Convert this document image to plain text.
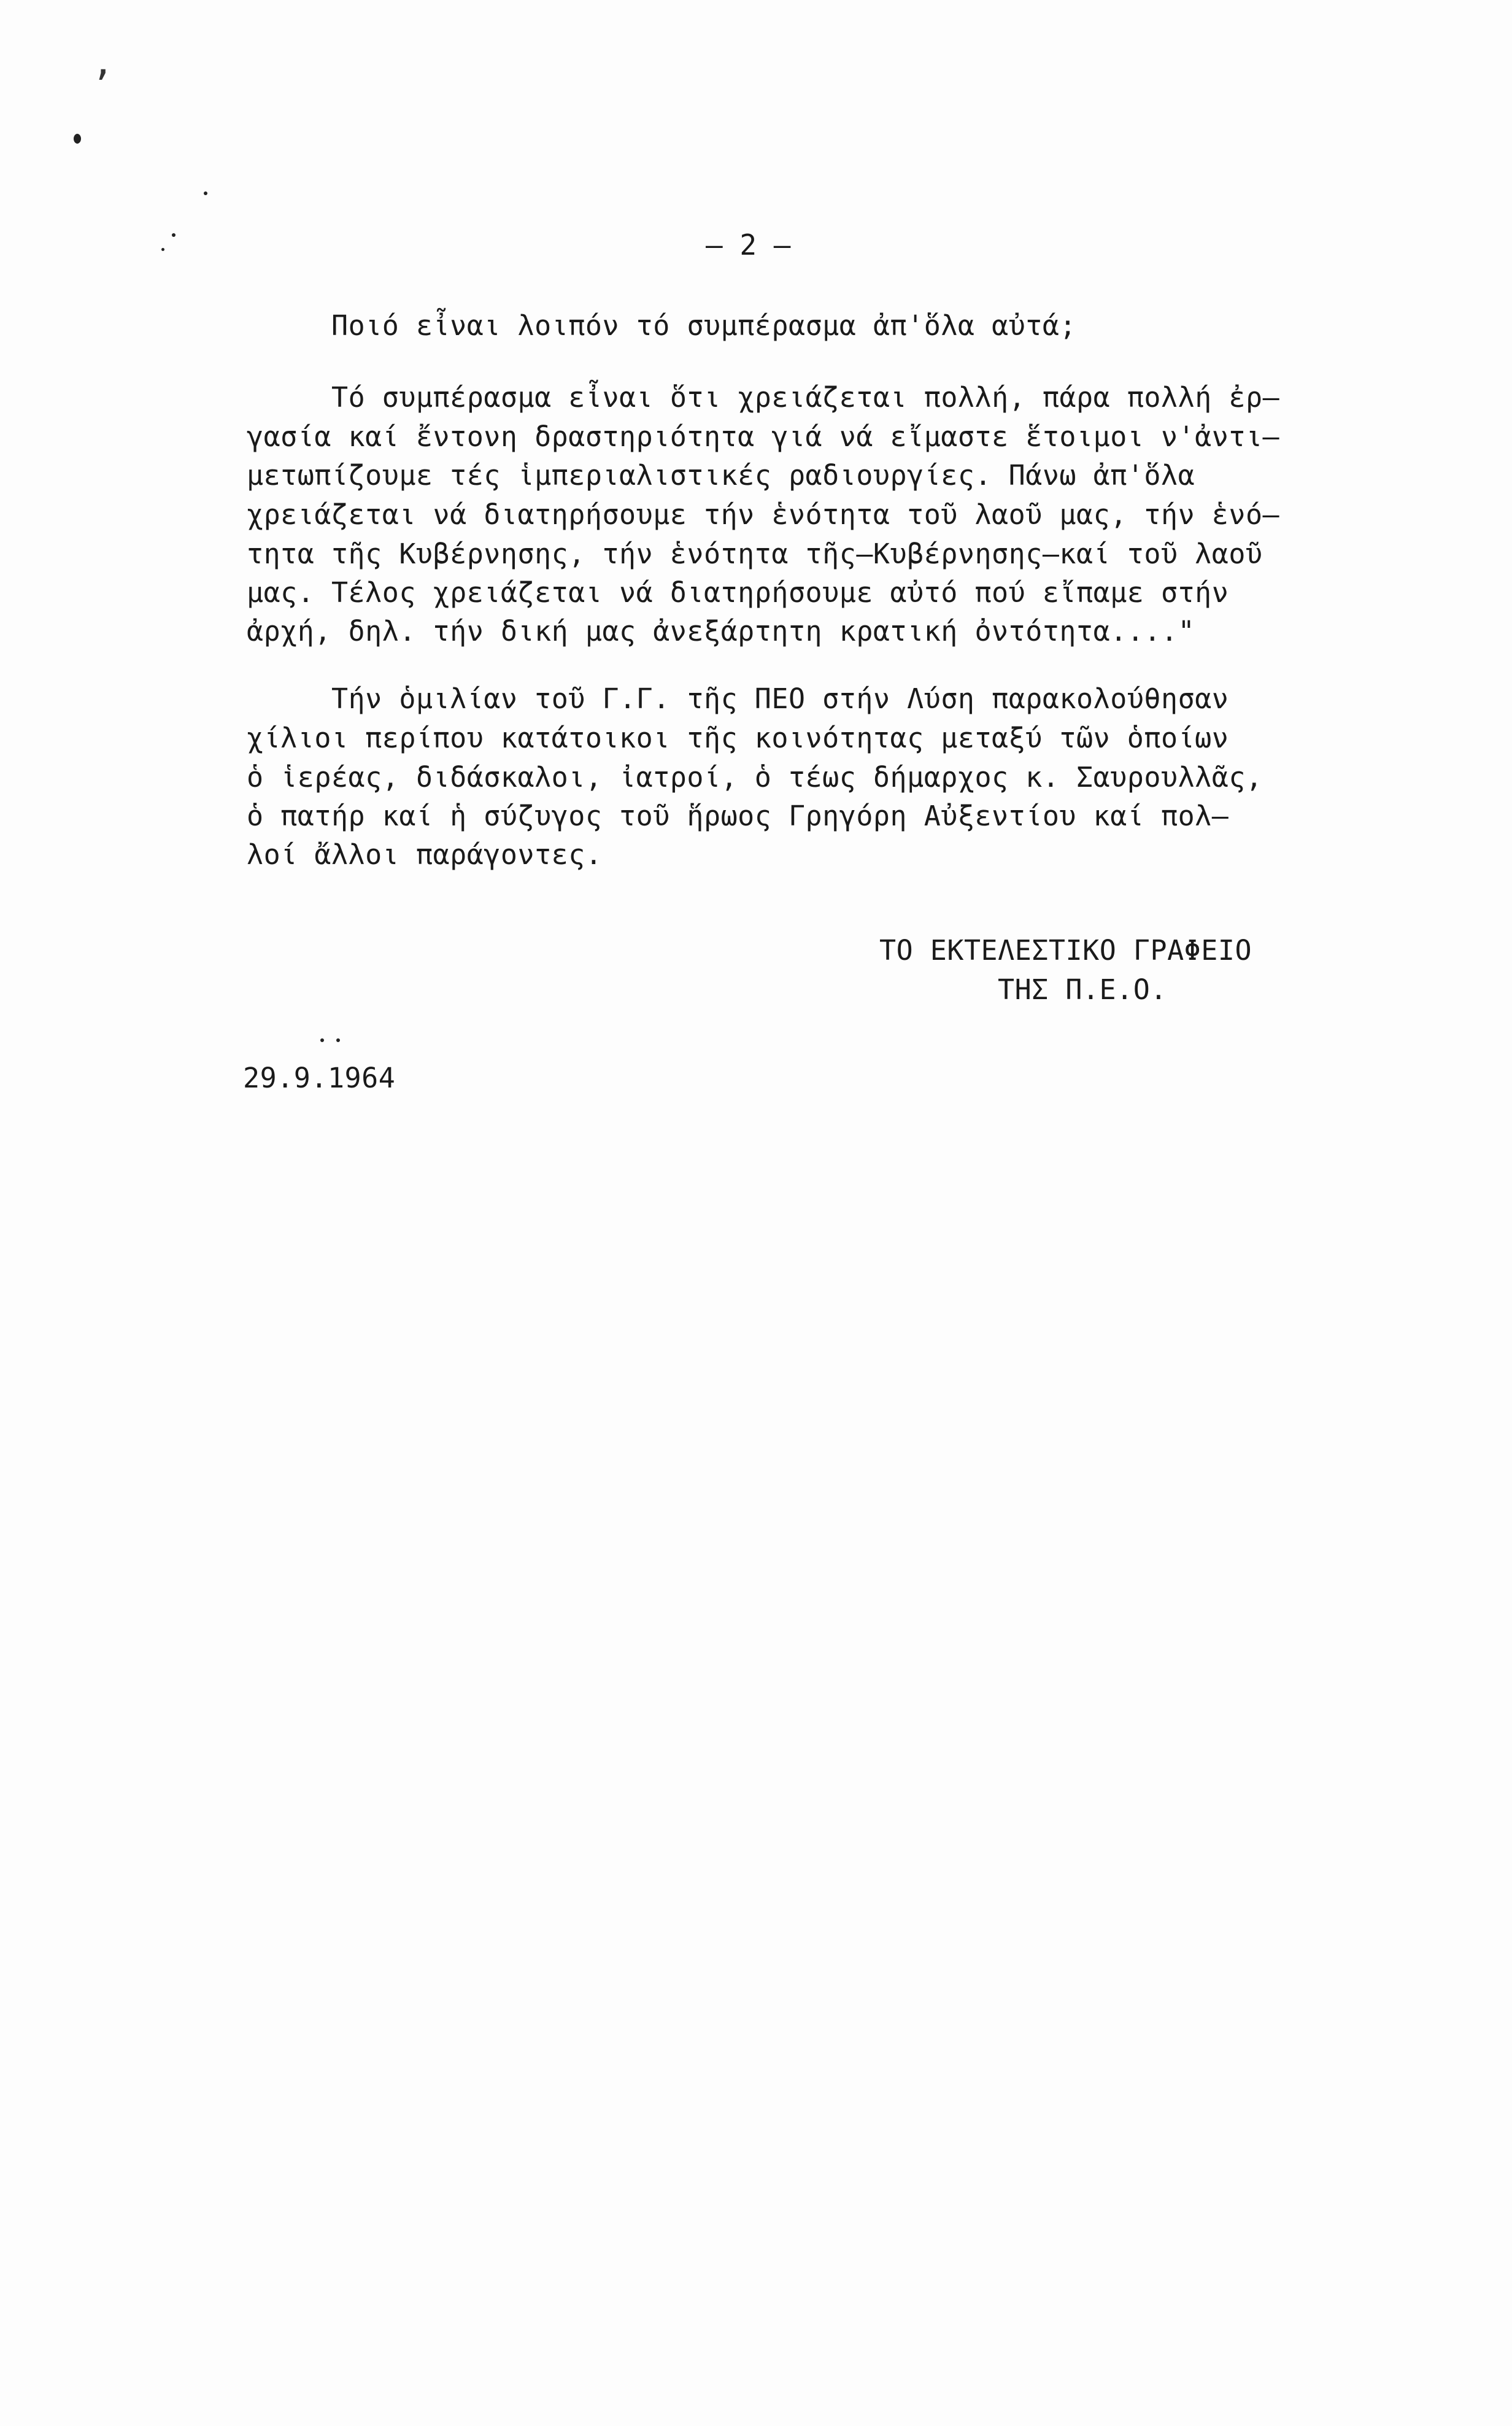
ʼ
– 2 –
Ποιό εἶναι λοιπόν τό συμπέρασμα ἀπ'ὅλα αὐτά;
Τό συμπέρασμα εἶναι ὅτι χρειάζεται πολλή, πάρα πολλή ἐρ–
γασία καί ἔντονη δραστηριότητα γιά νά εἴμαστε ἕτοιμοι ν'ἀντι–
μετωπίζουμε τές ἱμπεριαλιστικές ραδιουργίες. Πάνω ἀπ'ὅλα
χρειάζεται νά διατηρήσουμε τήν ἑνότητα τοῦ λαοῦ μας, τήν ἑνό–
τητα τῆς Κυβέρνησης, τήν ἑνότητα τῆς–Κυβέρνησης–καί τοῦ λαοῦ
μας. Τέλος χρειάζεται νά διατηρήσουμε αὐτό πού εἴπαμε στήν
ἀρχή, δηλ. τήν δική μας ἀνεξάρτητη κρατική ὀντότητα...."
Τήν ὁμιλίαν τοῦ Γ.Γ. τῆς ΠΕΟ στήν Λύση παρακολούθησαν
χίλιοι περίπου κατάτοικοι τῆς κοινότητας μεταξύ τῶν ὁποίων
ὁ ἱερέας, διδάσκαλοι, ἰατροί, ὁ τέως δήμαρχος κ. Σαυρουλλᾶς,
ὁ πατήρ καί ἡ σύζυγος τοῦ ἥρωος Γρηγόρη Αὐξεντίου καί πολ–
λοί ἄλλοι παράγοντες.
ΤΟ ΕΚΤΕΛΕΣΤΙΚΟ ΓΡΑΦΕΙΟ
ΤΗΣ Π.Ε.Ο.
29.9.1964
